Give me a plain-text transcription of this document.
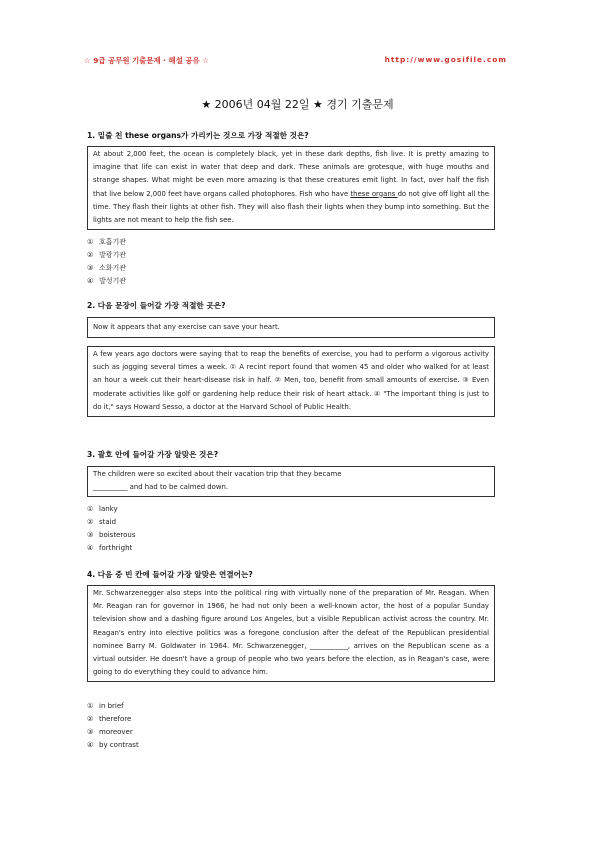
☆ 9급 공무원 기출문제 · 해설 공유 ☆	http://www.gosifile.com
★ 2006년 04월 22일 ★ 경기 기출문제
1. 밑줄 친 these organs가 가리키는 것으로 가장 적절한 것은?

At about 2,000 feet, the ocean is completely black, yet in these dark depths, fish live. It is pretty amazing to imagine that life can exist in water that deep and dark. These animals are grotesque, with huge mouths and strange shapes. What might be even more amazing is that these creatures emit light. In fact, over half the fish that live below 2,000 feet have organs called photophores. Fish who have these organs do not give off light all the time. They flash their lights at other fish. They will also flash their lights when they bump into something. But the lights are not meant to help the fish see.

① 호흡기관
② 발광기관
③ 소화기관
④ 발성기관
2. 다음 문장이 들어갈 가장 적절한 곳은?

Now it appears that any exercise can save your heart.

A few years ago doctors were saying that to reap the benefits of exercise, you had to perform a vigorous activity such as jogging several times a week. ① A recint report found that women 45 and older who walked for at least an hour a week cut their heart-disease risk in half. ② Men, too, benefit from small amounts of exercise. ③ Even moderate activities like golf or gardening help reduce their risk of heart attack. ④ "The important thing is just to do it," says Howard Sesso, a doctor at the Harvard School of Public Health.

3. 괄호 안에 들어갈 가장 알맞은 것은?

The children were so excited about their vacation trip that they became

__________ and had to be calmed down.

① lanky
② staid
③ boisterous
④ forthright
4. 다음 중 빈 칸에 들어갈 가장 알맞은 연결어는?

Mr. Schwarzenegger also steps into the political ring with virtually none of the preparation of Mr. Reagan. When Mr. Reagan ran for governor in 1966, he had not only been a well-known actor, the host of a popular Sunday television show and a dashing figure around Los Angeles, but a visible Republican activist across the country. Mr. Reagan's entry into elective politics was a foregone conclusion after the defeat of the Republican presidential nominee Barry M. Goldwater in 1964. Mr. Schwarzenegger, ___________, arrives on the Republican scene as a virtual outsider. He doesn't have a group of people who two years before the election, as in Reagan's case, were going to do everything they could to advance him.

① in brief
② therefore
③ moreover
④ by contrast
